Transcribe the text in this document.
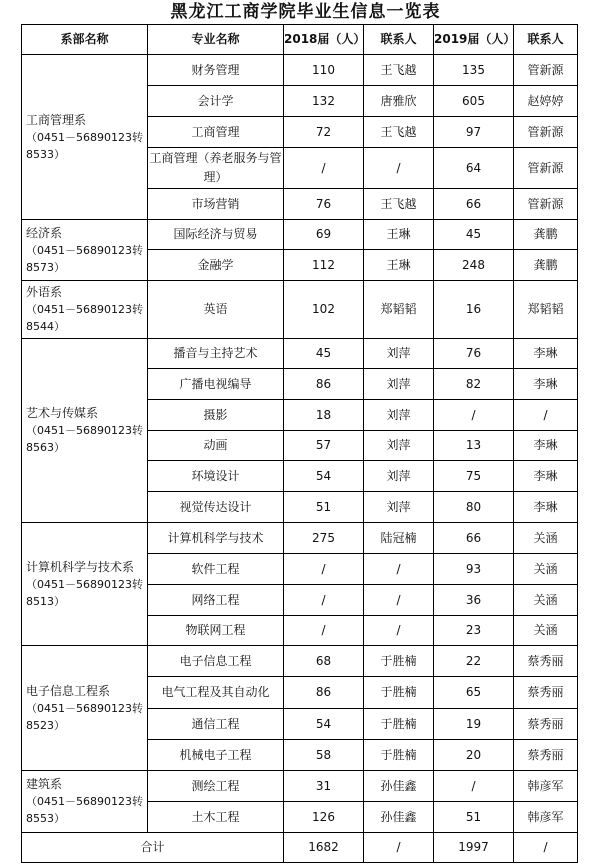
黑龙江工商学院毕业生信息一览表
系部名称	专业名称	2018届（人）	联系人	2019届（人）	联系人

工商管理系
（0451－56890123转
8533）	财务管理	110	王飞越	135	管新源
	会计学	132	唐雅欣	605	赵婷婷
	工商管理	72	王飞越	97	管新源
	工商管理（养老服务与管理）	/	/	64	管新源
	市场营销	76	王飞越	66	管新源

经济系
（0451－56890123转
8573）	国际经济与贸易	69	王琳	45	龚鹏
	金融学	112	王琳	248	龚鹏

外语系
（0451－56890123转
8544）	英语	102	郑韬韬	16	郑韬韬

艺术与传媒系
（0451－56890123转
8563）	播音与主持艺术	45	刘萍	76	李琳
	广播电视编导	86	刘萍	82	李琳
	摄影	18	刘萍	/	/
	动画	57	刘萍	13	李琳
	环境设计	54	刘萍	75	李琳
	视觉传达设计	51	刘萍	80	李琳

计算机科学与技术系
（0451－56890123转
8513）	计算机科学与技术	275	陆冠楠	66	关涵
	软件工程	/	/	93	关涵
	网络工程	/	/	36	关涵
	物联网工程	/	/	23	关涵

电子信息工程系
（0451－56890123转
8523）	电子信息工程	68	于胜楠	22	蔡秀丽
	电气工程及其自动化	86	于胜楠	65	蔡秀丽
	通信工程	54	于胜楠	19	蔡秀丽
	机械电子工程	58	于胜楠	20	蔡秀丽

建筑系
（0451－56890123转
8553）	测绘工程	31	孙佳鑫	/	韩彦军
	土木工程	126	孙佳鑫	51	韩彦军
合计		1682	/	1997	/
